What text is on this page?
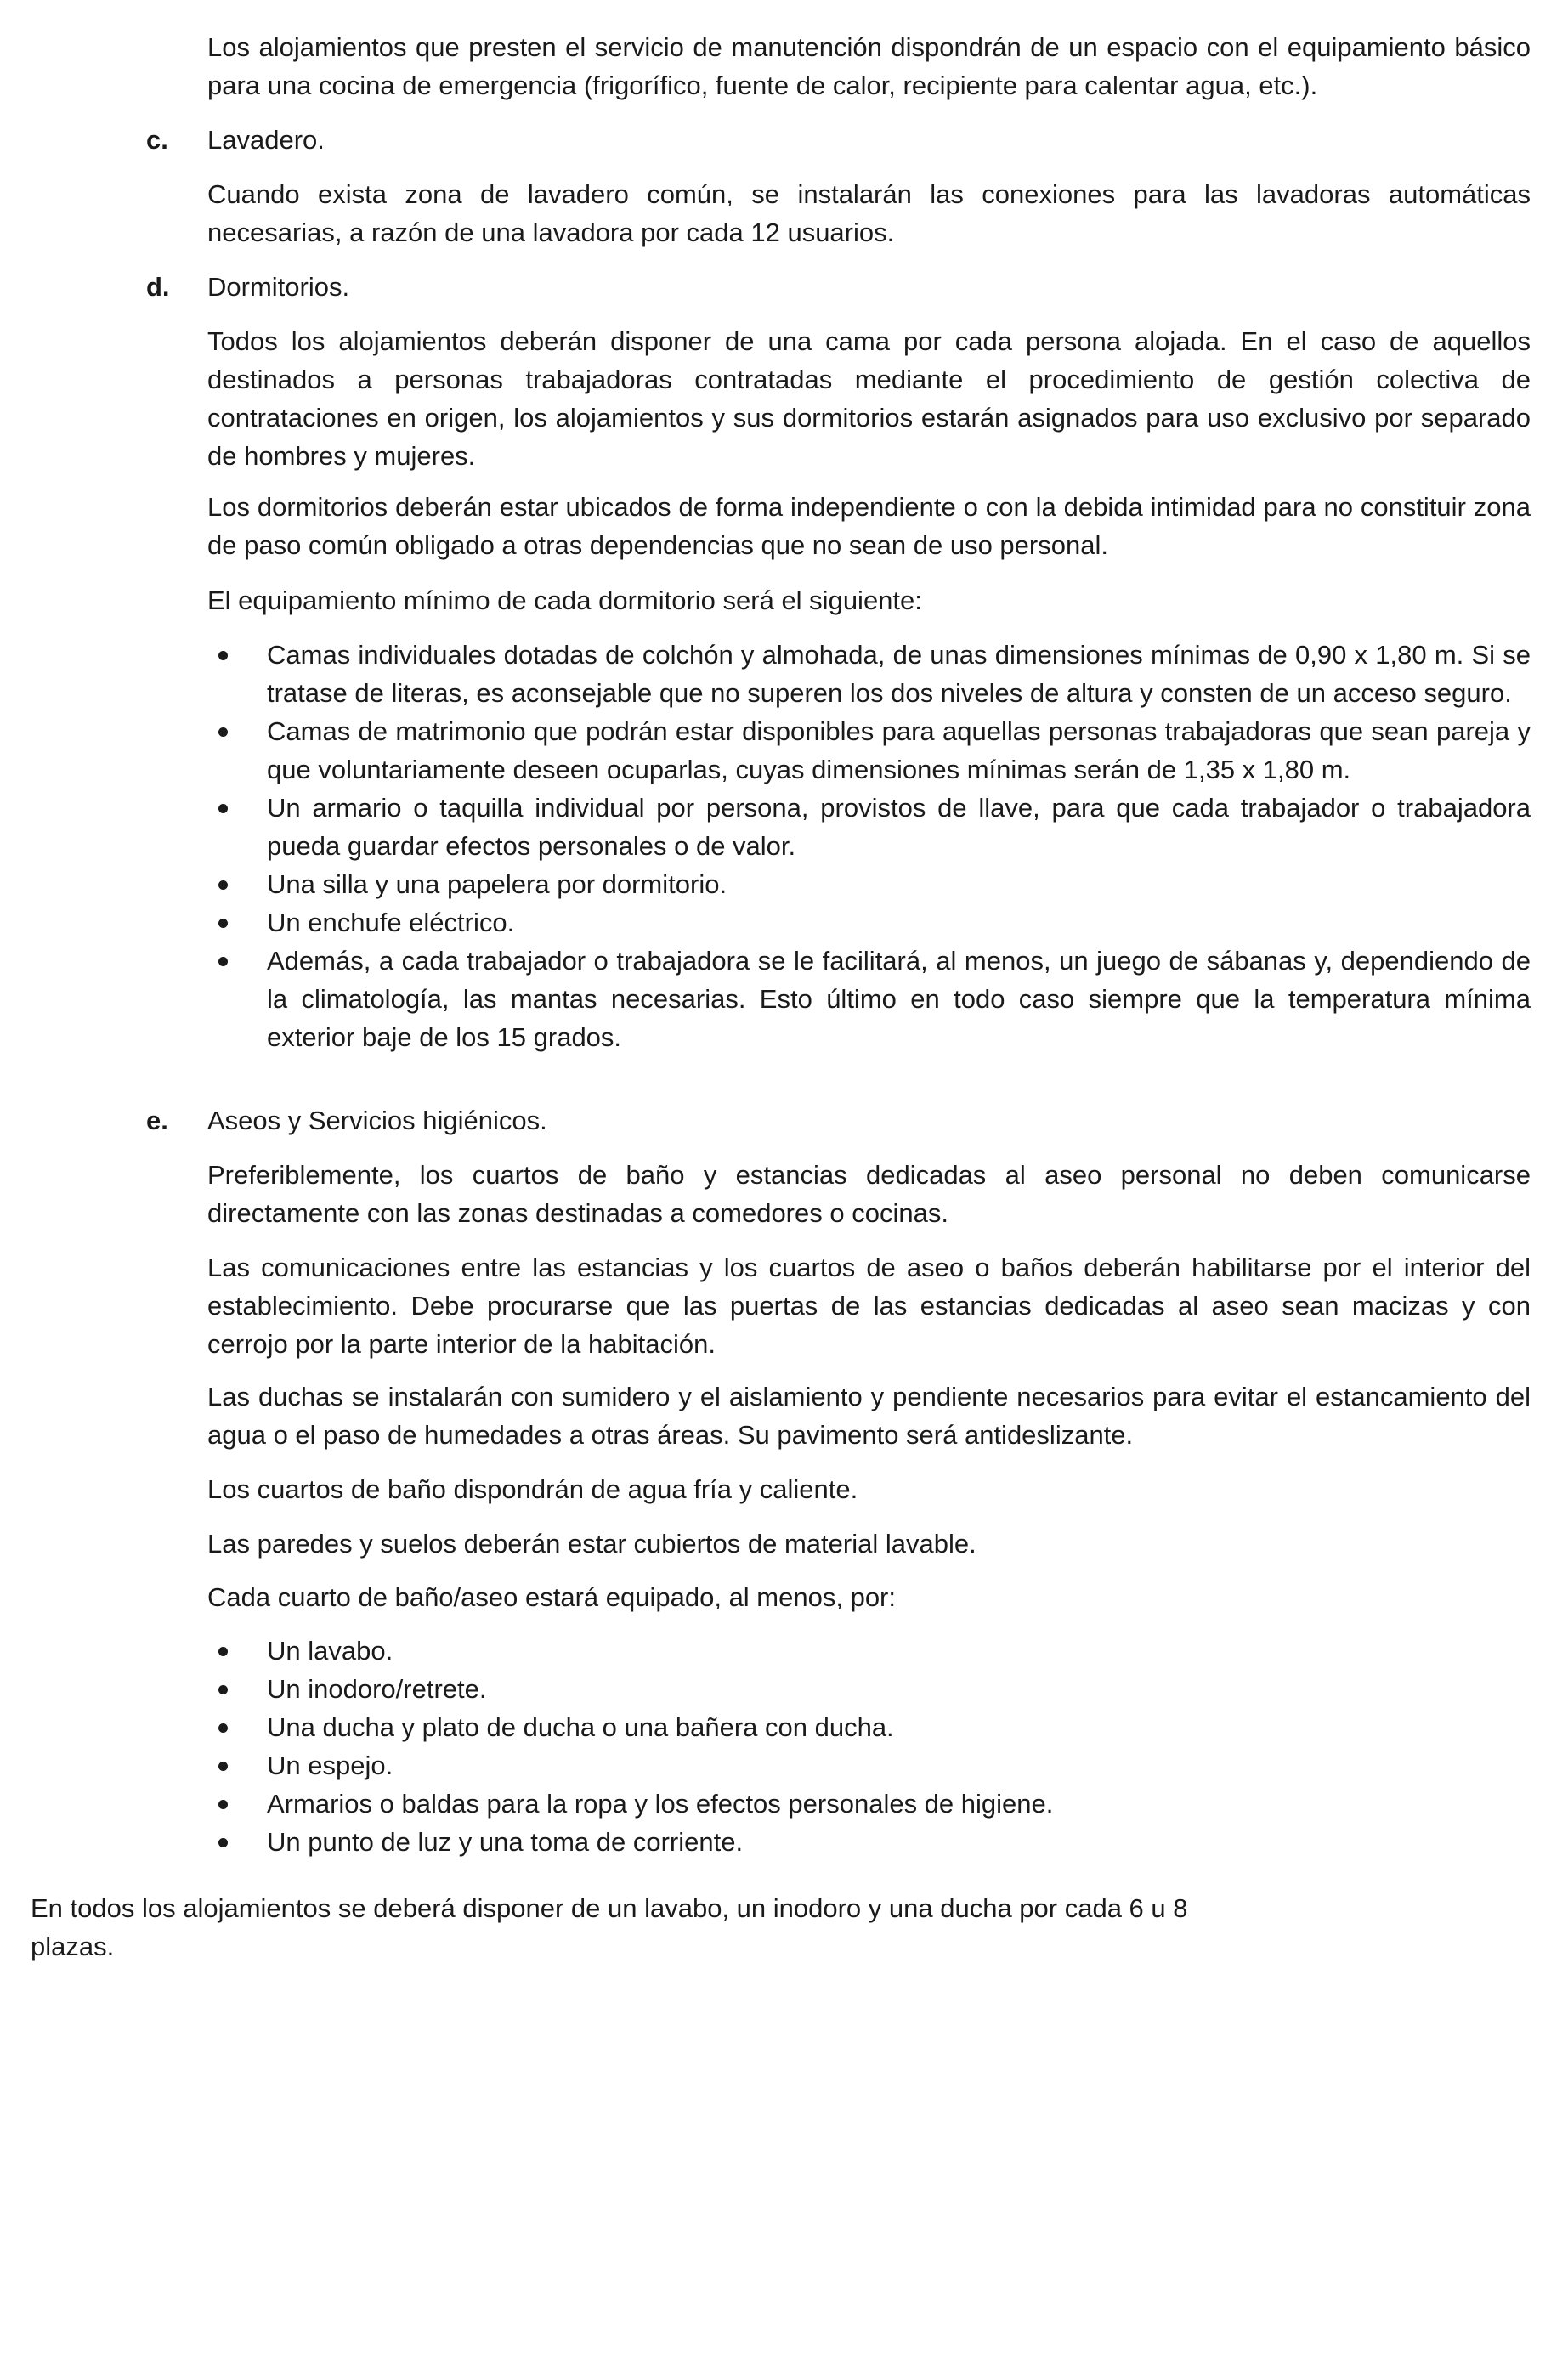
Los alojamientos que presten el servicio de manutención dispondrán de un espacio con el equipamiento básico para una cocina de emergencia (frigorífico, fuente de calor, recipiente para calentar agua, etc.).

c. Lavadero.

Cuando exista zona de lavadero común, se instalarán las conexiones para las lavadoras automáticas necesarias, a razón de una lavadora por cada 12 usuarios.

d. Dormitorios.

Todos los alojamientos deberán disponer de una cama por cada persona alojada. En el caso de aquellos destinados a personas trabajadoras contratadas mediante el procedimiento de gestión colectiva de contrataciones en origen, los alojamientos y sus dormitorios estarán asignados para uso exclusivo por separado de hombres y mujeres.

Los dormitorios deberán estar ubicados de forma independiente o con la debida intimidad para no constituir zona de paso común obligado a otras dependencias que no sean de uso personal.

El equipamiento mínimo de cada dormitorio será el siguiente:

Camas individuales dotadas de colchón y almohada, de unas dimensiones mínimas de 0,90 x 1,80 m. Si se tratase de literas, es aconsejable que no superen los dos niveles de altura y consten de un acceso seguro.
Camas de matrimonio que podrán estar disponibles para aquellas personas trabajadoras que sean pareja y que voluntariamente deseen ocuparlas, cuyas dimensiones mínimas serán de 1,35 x 1,80 m.
Un armario o taquilla individual por persona, provistos de llave, para que cada trabajador o trabajadora pueda guardar efectos personales o de valor.
Una silla y una papelera por dormitorio.
Un enchufe eléctrico.
Además, a cada trabajador o trabajadora se le facilitará, al menos, un juego de sábanas y, dependiendo de la climatología, las mantas necesarias. Esto último en todo caso siempre que la temperatura mínima exterior baje de los 15 grados.
e. Aseos y Servicios higiénicos.

Preferiblemente, los cuartos de baño y estancias dedicadas al aseo personal no deben comunicarse directamente con las zonas destinadas a comedores o cocinas.

Las comunicaciones entre las estancias y los cuartos de aseo o baños deberán habilitarse por el interior del establecimiento. Debe procurarse que las puertas de las estancias dedicadas al aseo sean macizas y con cerrojo por la parte interior de la habitación.

Las duchas se instalarán con sumidero y el aislamiento y pendiente necesarios para evitar el estancamiento del agua o el paso de humedades a otras áreas. Su pavimento será antideslizante.

Los cuartos de baño dispondrán de agua fría y caliente.

Las paredes y suelos deberán estar cubiertos de material lavable.

Cada cuarto de baño/aseo estará equipado, al menos, por:

Un lavabo.
Un inodoro/retrete.
Una ducha y plato de ducha o una bañera con ducha.
Un espejo.
Armarios o baldas para la ropa y los efectos personales de higiene.
Un punto de luz y una toma de corriente.

En todos los alojamientos se deberá disponer de un lavabo, un inodoro y una ducha por cada 6 u 8 plazas.
